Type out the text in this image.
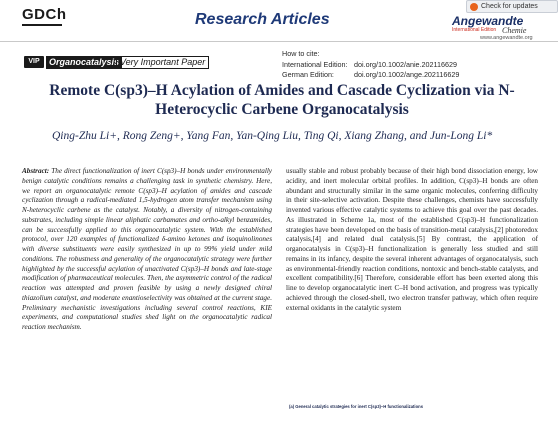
GDCh	Research Articles
Check for updates
Angewandte
International Edition Chemie
www.angewandte.org
VIP	Organocatalysis Very Important Paper
How to cite:
International Edition: doi.org/10.1002/anie.202116629
German Edition:	doi.org/10.1002/ange.202116629
Remote C(sp3)–H Acylation of Amides and Cascade Cyclization via N-Heterocyclic Carbene Organocatalysis
Qing-Zhu Li+, Rong Zeng+, Yang Fan, Yan-Qing Liu, Ting Qi, Xiang Zhang, and Jun-Long Li*
Abstract: The direct functionalization of inert C(sp3)–H bonds under environmentally benign catalytic conditions remains a challenging task in synthetic chemistry. Here, we report an organocatalytic remote C(sp3)–H acylation of amides and cascade cyclization through a radical-mediated 1,5-hydrogen atom transfer mechanism using N-heterocyclic carbene as the catalyst. Notably, a diversity of nitrogen-containing substrates, including simple linear aliphatic carbamates and ortho-alkyl benzamides, can be successfully applied to this organocatalytic system. With the established protocol, over 120 examples of functionalized δ-amino ketones and isoquinolinones with diverse substituents were easily synthesized in up to 99% yield under mild conditions. The robustness and generality of the organocatalytic strategy were further highlighted by the successful acylation of unactivated C(sp3)–H bonds and late-stage modification of pharmaceutical molecules. Then, the asymmetric control of the radical reaction was attempted and proven feasible by using a newly designed chiral thiazolium catalyst, and moderate enantioselectivity was obtained at the current stage. Preliminary mechanistic investigations including several control reactions, KIE experiments, and computational studies shed light on the organocatalytic radical reaction mechanism.
usually stable and robust probably because of their high bond dissociation energy, low acidity, and inert molecular orbital profiles. In addition, C(sp3)–H bonds are often abundant and structurally similar in the same organic molecules, conferring difficulty in their site-selective activation. Despite these challenges, chemists have successfully invented various effective catalytic systems to achieve this goal over the past decades. As illustrated in Scheme 1a, most of the established C(sp3)–H functionalization strategies have been developed on the basis of transition-metal catalysis,[2] photoredox catalysis,[4] and related dual catalysis.[5] By contrast, the application of organocatalysis in C(sp3)–H functionalization is generally less studied and still remains in its infancy, despite the several inherent advantages of organocatalysis, such as environmental-friendly reaction conditions, nontoxic and bench-stable catalysts, and excellent compatibility.[6] Therefore, considerable effort has been exerted along this line to develop organocatalytic inert C–H bond activation, and progress was typically achieved through the closed-shell, two electron transfer pathway, which often require external oxidants in the catalytic system
(a) General catalytic strategies for inert C(sp3)–H functionalizations
